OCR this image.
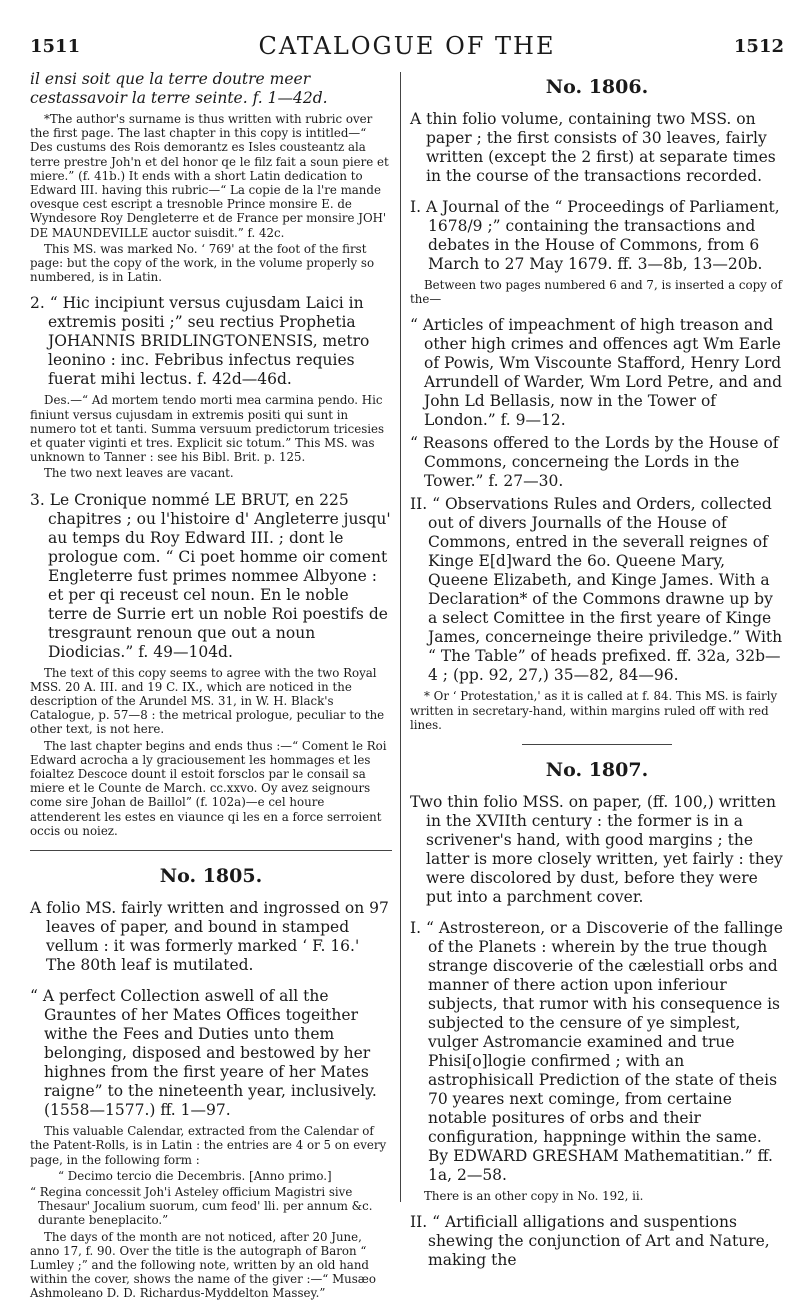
1511	CATALOGUE OF THE	1512

il ensi soit que la terre doutre meer cestassavoir la terre seinte. f. 1—42d.

*The author's surname is thus written with rubric over the first page. The last chapter in this copy is intitled—“ Des custums des Rois demorantz es Isles cousteantz ala terre prestre Joh'n et del honor qe le filz fait a soun piere et miere.” (f. 41b.) It ends with a short Latin dedication to Edward III. having this rubric—“ La copie de la l're mande ovesque cest escript a tresnoble Prince monsire E. de Wyndesore Roy Dengleterre et de France per monsire JOH' DE MAUNDEVILLE auctor suisdit.” f. 42c.

This MS. was marked No. ‘ 769' at the foot of the first page: but the copy of the work, in the volume properly so numbered, is in Latin.

2. “ Hic incipiunt versus cujusdam Laici in extremis positi ;” seu rectius Prophetia JOHANNIS BRIDLINGTONENSIS, metro leonino : inc. Febribus infectus requies fuerat mihi lectus. f. 42d—46d.

Des.—“ Ad mortem tendo morti mea carmina pendo. Hic finiunt versus cujusdam in extremis positi qui sunt in numero tot et tanti. Summa versuum predictorum tricesies et quater viginti et tres. Explicit sic totum.” This MS. was unknown to Tanner : see his Bibl. Brit. p. 125.

The two next leaves are vacant.

3. Le Cronique nommé LE BRUT, en 225 chapitres ; ou l'histoire d' Angleterre jusqu' au temps du Roy Edward III. ; dont le prologue com. “ Ci poet homme oir coment Engleterre fust primes nommee Albyone : et per qi receust cel noun. En le noble terre de Surrie ert un noble Roi poestifs de tresgraunt renoun que out a noun Diodicias.” f. 49—104d.

The text of this copy seems to agree with the two Royal MSS. 20 A. III. and 19 C. IX., which are noticed in the description of the Arundel MS. 31, in W. H. Black's Catalogue, p. 57—8 : the metrical prologue, peculiar to the other text, is not here.

The last chapter begins and ends thus :—“ Coment le Roi Edward acrocha a ly graciousement les hommages et les foialtez Descoce dount il estoit forsclos par le consail sa miere et le Counte de March. cc.xxvo. Oy avez seignours come sire Johan de Baillol” (f. 102a)—e cel houre attenderent les estes en viaunce qi les en a force serroient occis ou noiez.

No. 1805.

A folio MS. fairly written and ingrossed on 97 leaves of paper, and bound in stamped vellum : it was formerly marked ‘ F. 16.' The 80th leaf is mutilated.

“ A perfect Collection aswell of all the Grauntes of her Mates Offices togeither withe the Fees and Duties unto them belonging, disposed and bestowed by her highnes from the first yeare of her Mates raigne” to the nineteenth year, inclusively. (1558—1577.) ff. 1—97.

This valuable Calendar, extracted from the Calendar of the Patent-Rolls, is in Latin : the entries are 4 or 5 on every page, in the following form :

“ Decimo tercio die Decembris. [Anno primo.]

“ Regina concessit Joh'i Asteley officium Magistri sive Thesaur' Jocalium suorum, cum feod' lli. per annum &c. durante beneplacito.”

The days of the month are not noticed, after 20 June, anno 17, f. 90. Over the title is the autograph of Baron “ Lumley ;” and the following note, written by an old hand within the cover, shows the name of the giver :—“ Musæo Ashmoleano D. D. Richardus-Myddelton Massey.”

No. 1806.

A thin folio volume, containing two MSS. on paper ; the first consists of 30 leaves, fairly written (except the 2 first) at separate times in the course of the transactions recorded.

I. A Journal of the “ Proceedings of Parliament, 1678/9 ;” containing the transactions and debates in the House of Commons, from 6 March to 27 May 1679. ff. 3—8b, 13—20b.

Between two pages numbered 6 and 7, is inserted a copy of the—

“ Articles of impeachment of high treason and other high crimes and offences agt Wm Earle of Powis, Wm Viscounte Stafford, Henry Lord Arrundell of Warder, Wm Lord Petre, and and John Ld Bellasis, now in the Tower of London.” f. 9—12.

“ Reasons offered to the Lords by the House of Commons, concerneing the Lords in the Tower.” f. 27—30.

II. “ Observations Rules and Orders, collected out of divers Journalls of the House of Commons, entred in the severall reignes of Kinge E[d]ward the 6o. Queene Mary, Queene Elizabeth, and Kinge James. With a Declaration* of the Commons drawne up by a select Comittee in the first yeare of Kinge James, concerneinge theire priviledge.” With “ The Table” of heads prefixed. ff. 32a, 32b—4 ; (pp. 92, 27,) 35—82, 84—96.

* Or ‘ Protestation,' as it is called at f. 84. This MS. is fairly written in secretary-hand, within margins ruled off with red lines.

No. 1807.

Two thin folio MSS. on paper, (ff. 100,) written in the XVIIth century : the former is in a scrivener's hand, with good margins ; the latter is more closely written, yet fairly : they were discolored by dust, before they were put into a parchment cover.

I. “ Astrostereon, or a Discoverie of the fallinge of the Planets : wherein by the true though strange discoverie of the cælestiall orbs and manner of there action upon inferiour subjects, that rumor with his consequence is subjected to the censure of ye simplest, vulger Astromancie examined and true Phisi[o]logie confirmed ; with an astrophisicall Prediction of the state of theis 70 yeares next cominge, from certaine notable positures of orbs and their configuration, happninge within the same. By EDWARD GRESHAM Mathematitian.” ff. 1a, 2—58.

There is an other copy in No. 192, ii.

II. “ Artificiall alligations and suspentions shewing the conjunction of Art and Nature, making the
